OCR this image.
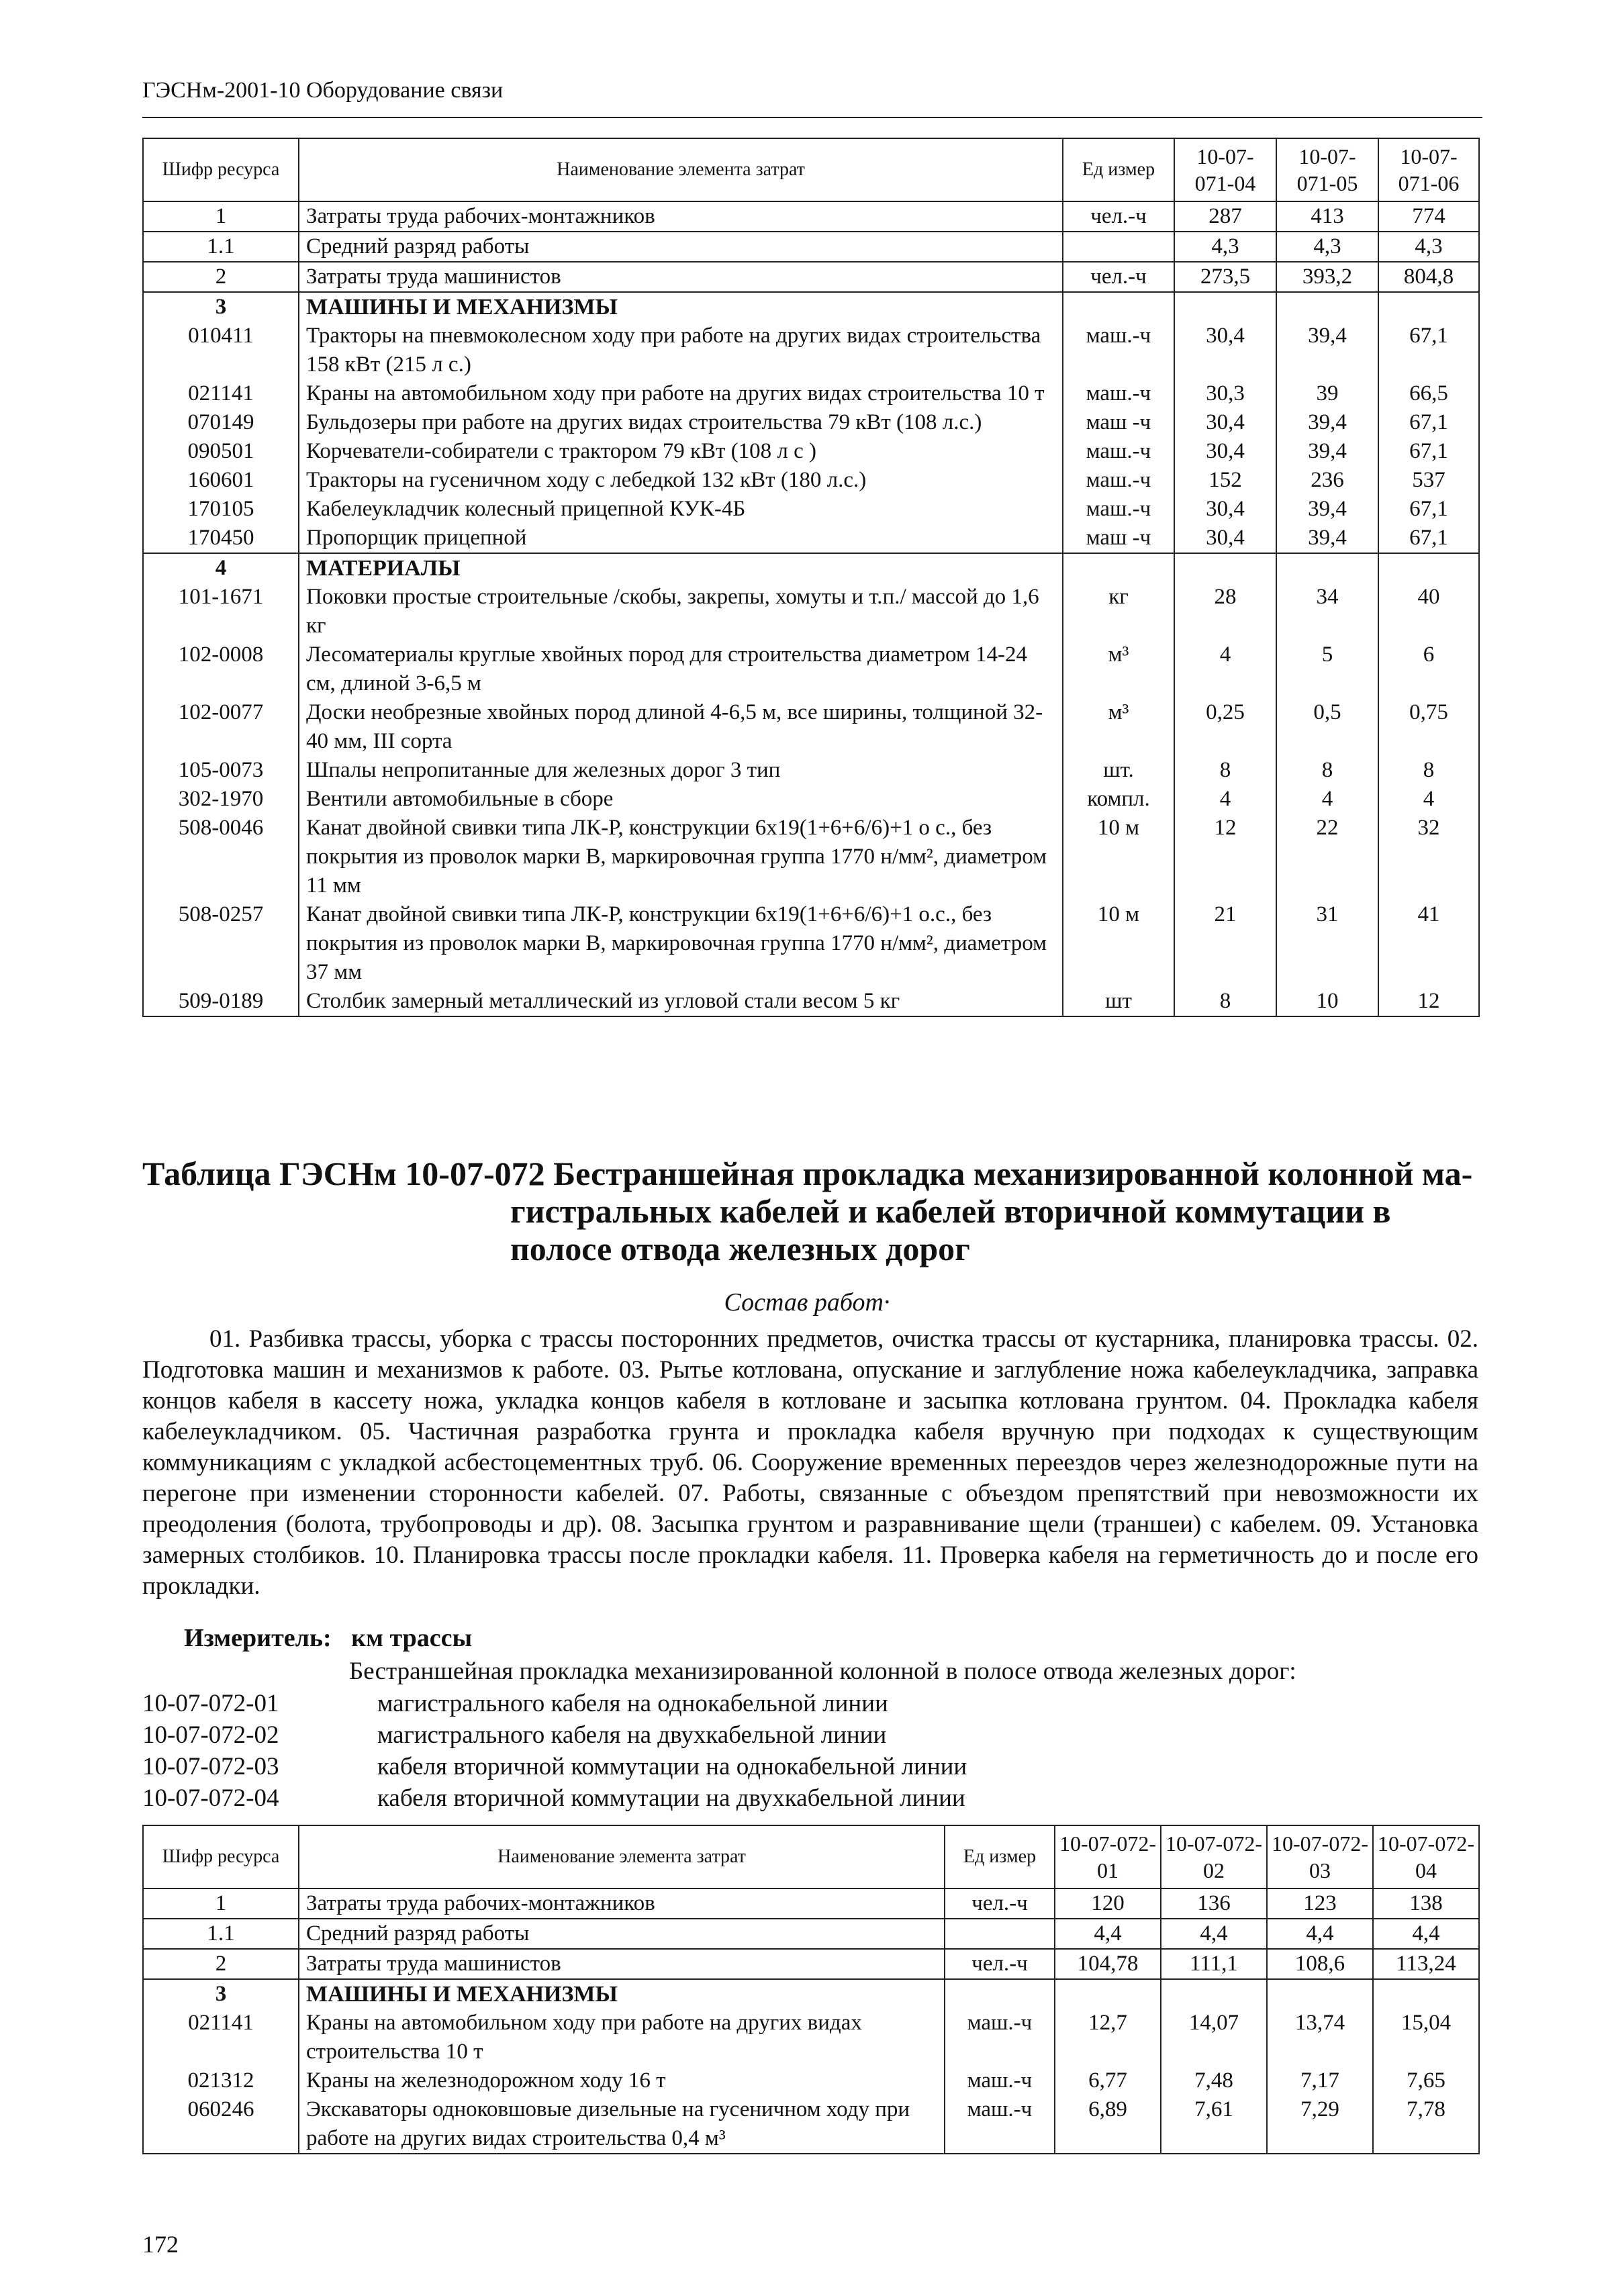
ГЭСНм-2001-10 Оборудование связи
Шифр ресурса	Наименование элемента затрат	Ед измер	10-07-071-04	10-07-071-05	10-07-071-06
1	Затраты труда рабочих-монтажников	чел.-ч	287	413	774
1.1	Средний разряд работы		4,3	4,3	4,3
2	Затраты труда машинистов	чел.-ч	273,5	393,2	804,8
3	МАШИНЫ И МЕХАНИЗМЫ				
010411	Тракторы на пневмоколесном ходу при работе на других видах строительства 158 кВт (215 л с.)	маш.-ч	30,4	39,4	67,1
021141	Краны на автомобильном ходу при работе на других видах строительства 10 т	маш.-ч	30,3	39	66,5
070149	Бульдозеры при работе на других видах строительства 79 кВт (108 л.с.)	маш -ч	30,4	39,4	67,1
090501	Корчеватели-собиратели с трактором 79 кВт (108 л с )	маш.-ч	30,4	39,4	67,1
160601	Тракторы на гусеничном ходу с лебедкой 132 кВт (180 л.с.)	маш.-ч	152	236	537
170105	Кабелеукладчик колесный прицепной КУК-4Б	маш.-ч	30,4	39,4	67,1
170450	Пропорщик прицепной	маш -ч	30,4	39,4	67,1
4	МАТЕРИАЛЫ				
101-1671	Поковки простые строительные /скобы, закрепы, хомуты и т.п./ массой до 1,6 кг	кг	28	34	40
102-0008	Лесоматериалы круглые хвойных пород для строительства диаметром 14-24 см, длиной 3-6,5 м	м³	4	5	6
102-0077	Доски необрезные хвойных пород длиной 4-6,5 м, все ширины, толщиной 32-40 мм, III сорта	м³	0,25	0,5	0,75
105-0073	Шпалы непропитанные для железных дорог 3 тип	шт.	8	8	8
302-1970	Вентили автомобильные в сборе	компл.	4	4	4
508-0046	Канат двойной свивки типа ЛК-Р, конструкции 6х19(1+6+6/6)+1 о с., без покрытия из проволок марки В, маркировочная группа 1770 н/мм², диаметром 11 мм	10 м	12	22	32
508-0257	Канат двойной свивки типа ЛК-Р, конструкции 6х19(1+6+6/6)+1 о.с., без покрытия из проволок марки В, маркировочная группа 1770 н/мм², диаметром 37 мм	10 м	21	31	41
509-0189	Столбик замерный металлический из угловой стали весом 5 кг	шт	8	10	12
Таблица ГЭСНм 10-07-072 Бестраншейная прокладка механизированной колонной ма-
гистральных кабелей и кабелей вторичной коммутации в
полосе отвода железных дорог
Состав работ·
01. Разбивка трассы, уборка с трассы посторонних предметов, очистка трассы от кустарника, планировка трассы. 02. Подготовка машин и механизмов к работе. 03. Рытье котлована, опускание и заглубление ножа кабелеукладчика, заправка концов кабеля в кассету ножа, укладка концов кабеля в котловане и засыпка котлована грунтом. 04. Прокладка кабеля кабелеукладчиком. 05. Частичная разработка грунта и прокладка кабеля вручную при подходах к существующим коммуникациям с укладкой асбестоцементных труб. 06. Сооружение временных переездов через железнодорожные пути на перегоне при изменении сторонности кабелей. 07. Работы, связанные с объездом препятствий при невозможности их преодоления (болота, трубопроводы и др). 08. Засыпка грунтом и разравнивание щели (траншеи) с кабелем. 09. Установка замерных столбиков. 10. Планировка трассы после прокладки кабеля. 11. Проверка кабеля на герметичность до и после его прокладки.
Измеритель: км трассы
Бестраншейная прокладка механизированной колонной в полосе отвода железных дорог:
10-07-072-01	магистрального кабеля на однокабельной линии
10-07-072-02	магистрального кабеля на двухкабельной линии
10-07-072-03	кабеля вторичной коммутации на однокабельной линии
10-07-072-04	кабеля вторичной коммутации на двухкабельной линии
Шифр ресурса	Наименование элемента затрат	Ед измер	10-07-072-01	10-07-072-02	10-07-072-03	10-07-072-04
1	Затраты труда рабочих-монтажников	чел.-ч	120	136	123	138
1.1	Средний разряд работы		4,4	4,4	4,4	4,4
2	Затраты труда машинистов	чел.-ч	104,78	111,1	108,6	113,24
3	МАШИНЫ И МЕХАНИЗМЫ					
021141	Краны на автомобильном ходу при работе на других видах строительства 10 т	маш.-ч	12,7	14,07	13,74	15,04
021312	Краны на железнодорожном ходу 16 т	маш.-ч	6,77	7,48	7,17	7,65
060246	Экскаваторы одноковшовые дизельные на гусеничном ходу при работе на других видах строительства 0,4 м³	маш.-ч	6,89	7,61	7,29	7,78
172
